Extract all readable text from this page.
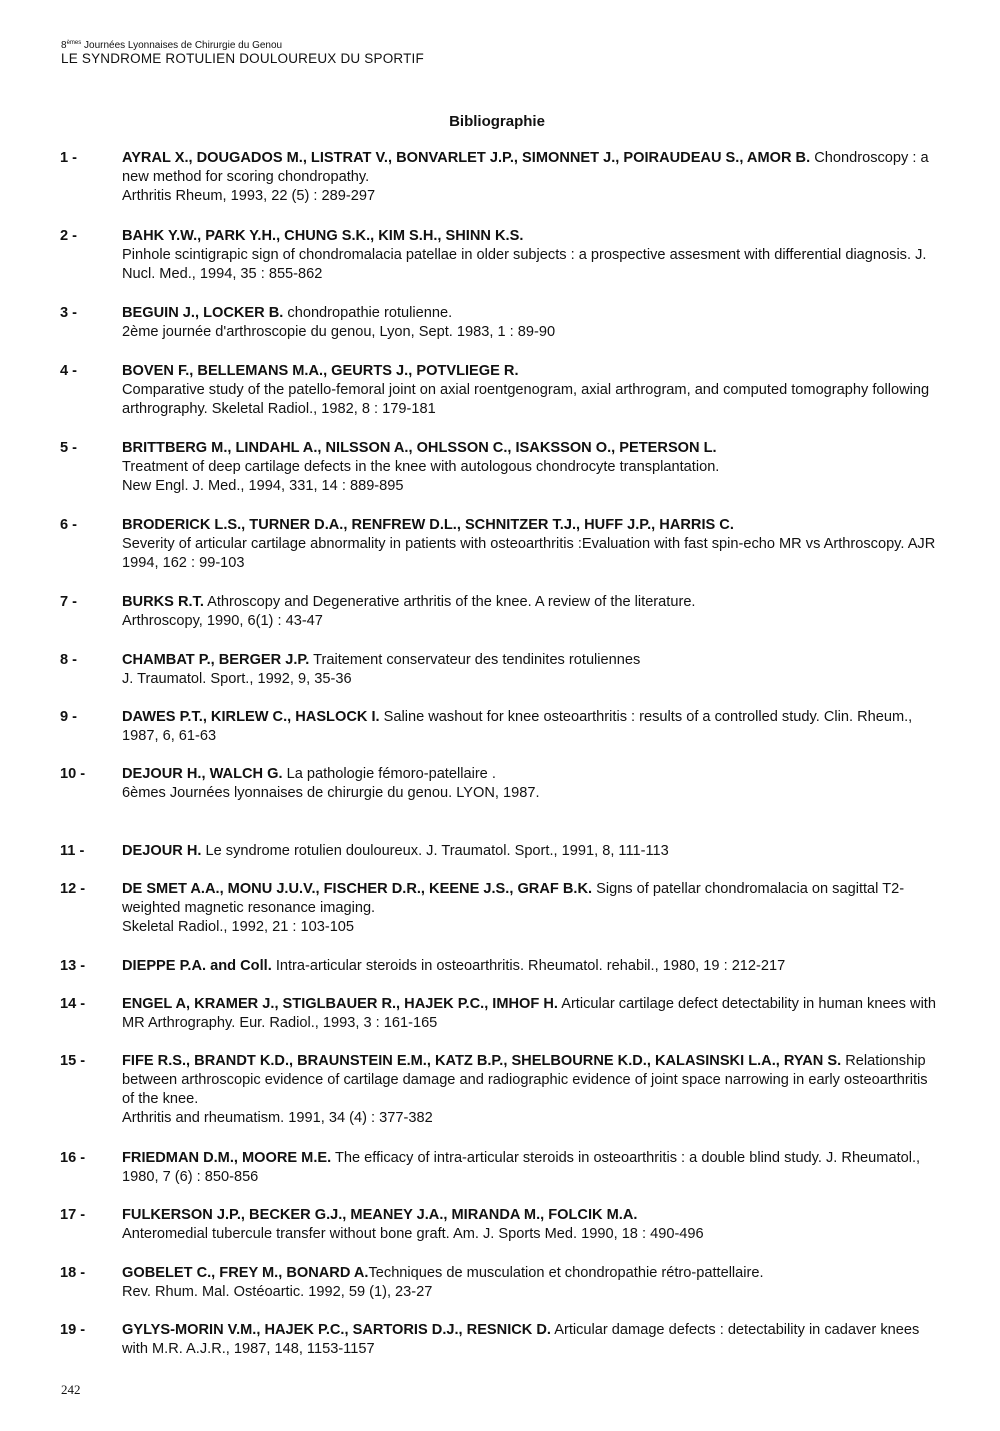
8èmes Journées Lyonnaises de Chirurgie du Genou
LE SYNDROME ROTULIEN DOULOUREUX DU SPORTIF
Bibliographie
1 -	AYRAL X., DOUGADOS M., LISTRAT V., BONVARLET J.P., SIMONNET J., POIRAUDEAU S., AMOR B. Chondroscopy : a new method for scoring chondropathy.
Arthritis Rheum, 1993, 22 (5) : 289-297
2 -	BAHK Y.W., PARK Y.H., CHUNG S.K., KIM S.H., SHINN K.S.
Pinhole scintigrapic sign of chondromalacia patellae in older subjects : a prospective assesment with differential diagnosis. J. Nucl. Med., 1994, 35 : 855-862
3 -	BEGUIN J., LOCKER B. chondropathie rotulienne.
2ème journée d'arthroscopie du genou, Lyon, Sept. 1983, 1 : 89-90
4 -	BOVEN F., BELLEMANS M.A., GEURTS J., POTVLIEGE R.
Comparative study of the patello-femoral joint on axial roentgenogram, axial arthrogram, and computed tomography following arthrography. Skeletal Radiol., 1982, 8 : 179-181
5 -	BRITTBERG M., LINDAHL A., NILSSON A., OHLSSON C., ISAKSSON O., PETERSON L.
Treatment of deep cartilage defects in the knee with autologous chondrocyte transplantation.
New Engl. J. Med., 1994, 331, 14 : 889-895
6 -	BRODERICK L.S., TURNER D.A., RENFREW D.L., SCHNITZER T.J., HUFF J.P., HARRIS C.
Severity of articular cartilage abnormality in patients with osteoarthritis :Evaluation with fast spin-echo MR vs Arthroscopy. AJR 1994, 162 : 99-103
7 -	BURKS R.T. Athroscopy and Degenerative arthritis of the knee. A review of the literature.
Arthroscopy, 1990, 6(1) : 43-47
8 -	CHAMBAT P., BERGER J.P. Traitement conservateur des tendinites rotuliennes
J. Traumatol. Sport., 1992, 9, 35-36
9 -	DAWES P.T., KIRLEW C., HASLOCK I. Saline washout for knee osteoarthritis : results of a controlled study. Clin. Rheum., 1987, 6, 61-63
10 -	DEJOUR H., WALCH G. La pathologie fémoro-patellaire .
6èmes Journées lyonnaises de chirurgie du genou. LYON, 1987.
11 -	DEJOUR H. Le syndrome rotulien douloureux. J. Traumatol. Sport., 1991, 8, 111-113
12 -	DE SMET A.A., MONU J.U.V., FISCHER D.R., KEENE J.S., GRAF B.K. Signs of patellar chondromalacia on sagittal T2- weighted magnetic resonance imaging.
Skeletal Radiol., 1992, 21 : 103-105
13 -	DIEPPE P.A. and Coll. Intra-articular steroids in osteoarthritis. Rheumatol. rehabil., 1980, 19 : 212-217
14 -	ENGEL A, KRAMER J., STIGLBAUER R., HAJEK P.C., IMHOF H. Articular cartilage defect detectability in human knees with MR Arthrography. Eur. Radiol., 1993, 3 : 161-165
15 -	FIFE R.S., BRANDT K.D., BRAUNSTEIN E.M., KATZ B.P., SHELBOURNE K.D., KALASINSKI L.A., RYAN S. Relationship between arthroscopic evidence of cartilage damage and radiographic evidence of joint space narrowing in early osteoarthritis of the knee.
Arthritis and rheumatism. 1991, 34 (4) : 377-382
16 -	FRIEDMAN D.M., MOORE M.E. The efficacy of intra-articular steroids in osteoarthritis : a double blind study. J. Rheumatol., 1980, 7 (6) : 850-856
17 -	FULKERSON J.P., BECKER G.J., MEANEY J.A., MIRANDA M., FOLCIK M.A.
Anteromedial tubercule transfer without bone graft. Am. J. Sports Med. 1990, 18 : 490-496
18 -	GOBELET C., FREY M., BONARD A.Techniques de musculation et chondropathie rétro-pattellaire.
Rev. Rhum. Mal. Ostéoartic. 1992, 59 (1), 23-27
19 -	GYLYS-MORIN V.M., HAJEK P.C., SARTORIS D.J., RESNICK D. Articular damage defects : detectability in cadaver knees with M.R. A.J.R., 1987, 148, 1153-1157
242
